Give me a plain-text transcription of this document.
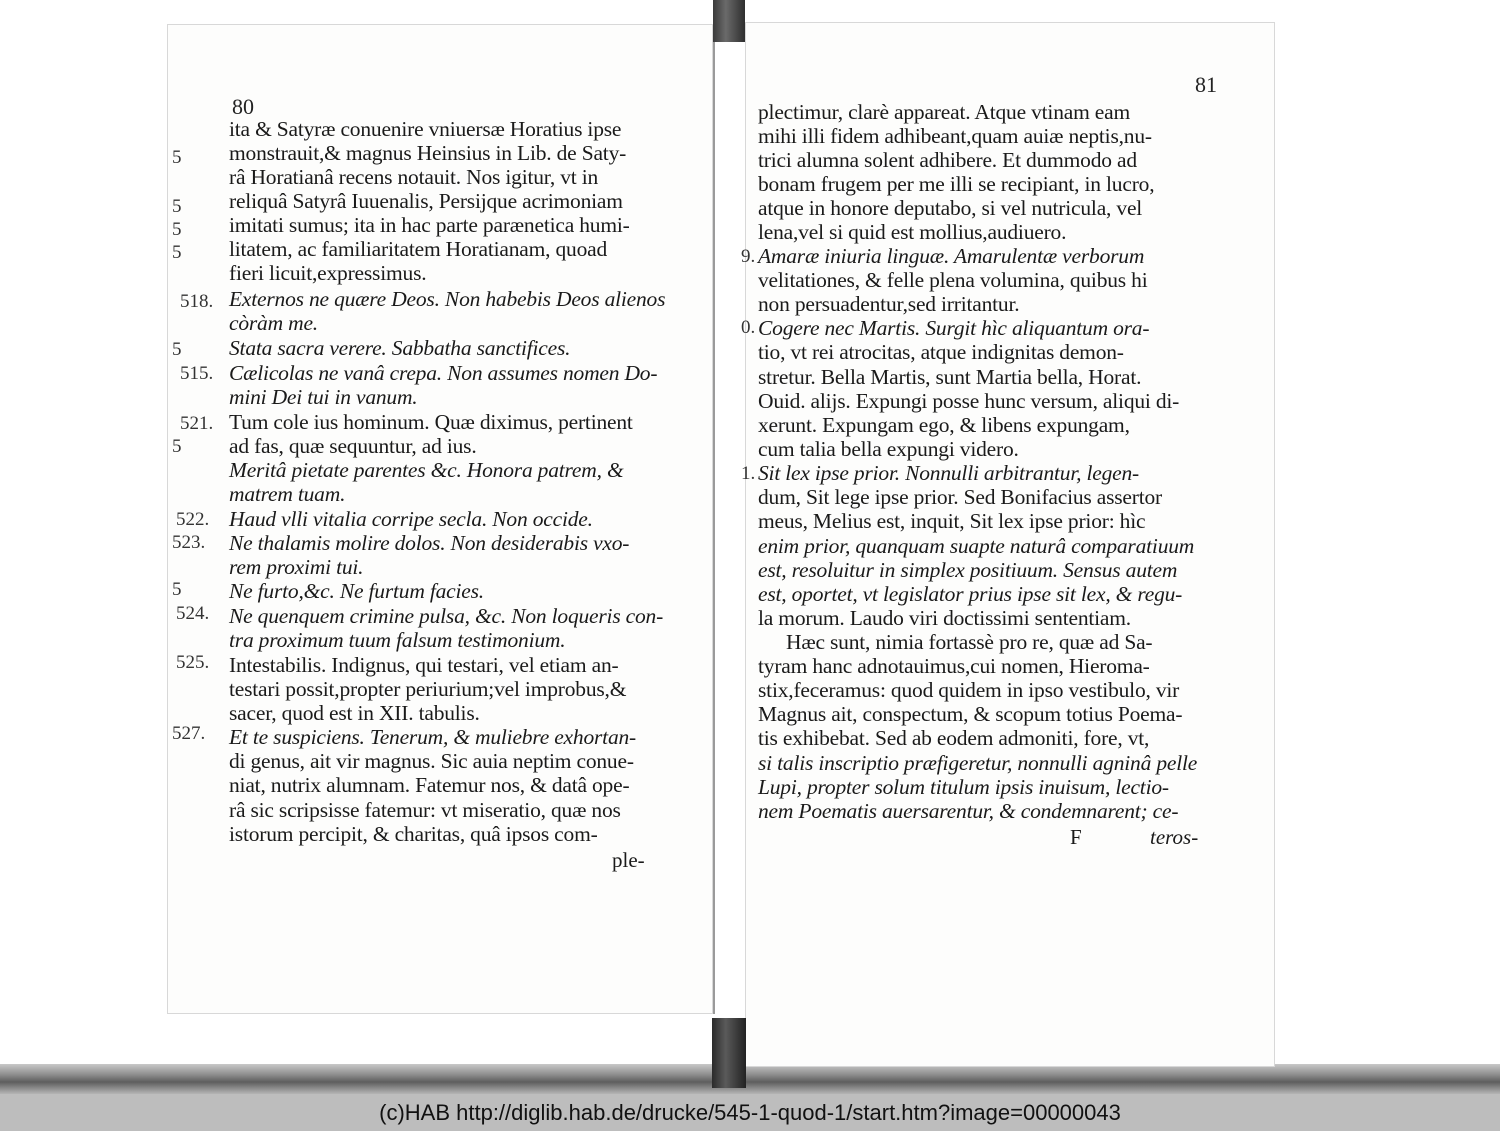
80
5
5
5
5
518.
5
515.
521.
5
522.
523.
5
524.
525.
527.
ita & Satyræ conuenire vniuersæ Horatius ipse
monstrauit,& magnus Heinsius in Lib. de Saty-
râ Horatianâ recens notauit. Nos igitur, vt in
reliquâ Satyrâ Iuuenalis, Persijque acrimoniam
imitati sumus; ita in hac parte parænetica humi-
litatem, ac familiaritatem Horatianam, quoad
fieri licuit,expressimus.
Externos ne quære Deos. Non habebis Deos alienos
còràm me.
Stata sacra verere. Sabbatha sanctifices.
Cælicolas ne vanâ crepa. Non assumes nomen Do-
mini Dei tui in vanum.
Tum cole ius hominum. Quæ diximus, pertinent
ad fas, quæ sequuntur, ad ius.
Meritâ pietate parentes &c. Honora patrem, &
matrem tuam.
Haud vlli vitalia corripe secla. Non occide.
Ne thalamis molire dolos. Non desiderabis vxo-
rem proximi tui.
Ne furto,&c. Ne furtum facies.
Ne quenquem crimine pulsa, &c. Non loqueris con-
tra proximum tuum falsum testimonium.
Intestabilis. Indignus, qui testari, vel etiam an-
testari possit,propter periurium;vel improbus,&
sacer, quod est in XII. tabulis.
Et te suspiciens. Tenerum, & muliebre exhortan-
di genus, ait vir magnus. Sic auia neptim conue-
niat, nutrix alumnam. Fatemur nos, & datâ ope-
râ sic scripsisse fatemur: vt miseratio, quæ nos
istorum percipit, & charitas, quâ ipsos com-
ple-
81
9.
0.
1.
plectimur, clarè appareat. Atque vtinam eam
mihi illi fidem adhibeant,quam auiæ neptis,nu-
trici alumna solent adhibere. Et dummodo ad
bonam frugem per me illi se recipiant, in lucro,
atque in honore deputabo, si vel nutricula, vel
lena,vel si quid est mollius,audiuero.
Amaræ iniuria linguæ. Amarulentæ verborum
velitationes, & felle plena volumina, quibus hi
non persuadentur,sed irritantur.
Cogere nec Martis. Surgit hìc aliquantum ora-
tio, vt rei atrocitas, atque indignitas demon-
stretur. Bella Martis, sunt Martia bella, Horat.
Ouid. alijs. Expungi posse hunc versum, aliqui di-
xerunt. Expungam ego, & libens expungam,
cum talia bella expungi videro.
Sit lex ipse prior. Nonnulli arbitrantur, legen-
dum, Sit lege ipse prior. Sed Bonifacius assertor
meus, Melius est, inquit, Sit lex ipse prior: hìc
enim prior, quanquam suapte naturâ comparatiuum
est, resoluitur in simplex positiuum. Sensus autem
est, oportet, vt legislator prius ipse sit lex, & regu-
la morum. Laudo viri doctissimi sententiam.
Hæc sunt, nimia fortassè pro re, quæ ad Sa-
tyram hanc adnotauimus,cui nomen, Hieroma-
stix,feceramus: quod quidem in ipso vestibulo, vir
Magnus ait, conspectum, & scopum totius Poema-
tis exhibebat. Sed ab eodem admoniti, fore, vt,
si talis inscriptio præfigeretur, nonnulli agninâ pelle
Lupi, propter solum titulum ipsis inuisum, lectio-
nem Poematis auersarentur, & condemnarent; ce-
F	teros-
(c)HAB http://diglib.hab.de/drucke/545-1-quod-1/start.htm?image=00000043
